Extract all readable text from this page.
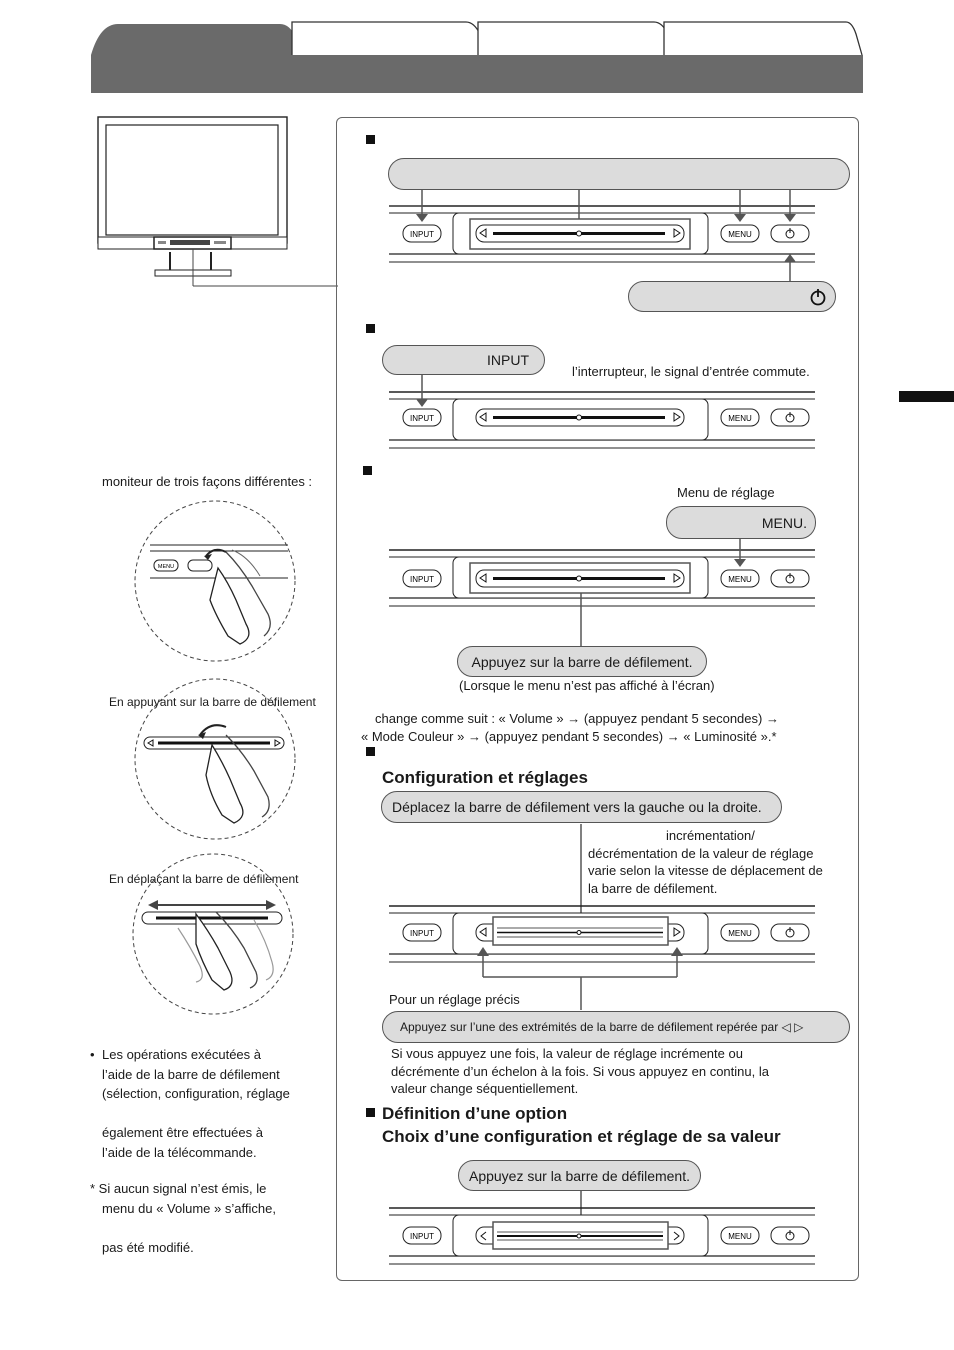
INPUT	MENU
INPUT
l’interrupteur, le signal d’entrée commute.
INPUT	MENU
Menu de réglage
MENU.
INPUT	MENU
Appuyez sur la barre de défilement.
(Lorsque le menu n’est pas affiché à l’écran)
change comme suit : « Volume » → (appuyez pendant 5 secondes) →
« Mode Couleur » → (appuyez pendant 5 secondes) → « Luminosité ».*
Configuration et réglages
Déplacez la barre de défilement vers la gauche ou la droite.
incrémentation/
décrémentation de la valeur de réglage
varie selon la vitesse de déplacement de
la barre de défilement.
INPUT	MENU
Pour un réglage précis
Appuyez sur l’une des extrémités de la barre de défilement repérée par ◁ ▷
Si vous appuyez une fois, la valeur de réglage incrémente ou
décrémente d’un échelon à la fois. Si vous appuyez en continu, la
valeur change séquentiellement.
Définition d’une option
Choix d’une configuration et réglage de sa valeur
Appuyez sur la barre de défilement.
INPUT	MENU
moniteur de trois façons différentes :
MENU
En appuyant sur la barre de défilement
En déplaçant la barre de défilement
• Les opérations exécutées à
l’aide de la barre de défilement
(sélection, configuration, réglage
également être effectuées à
l’aide de la télécommande.
* Si aucun signal n’est émis, le
menu du « Volume » s’affiche,
pas été modifié.
